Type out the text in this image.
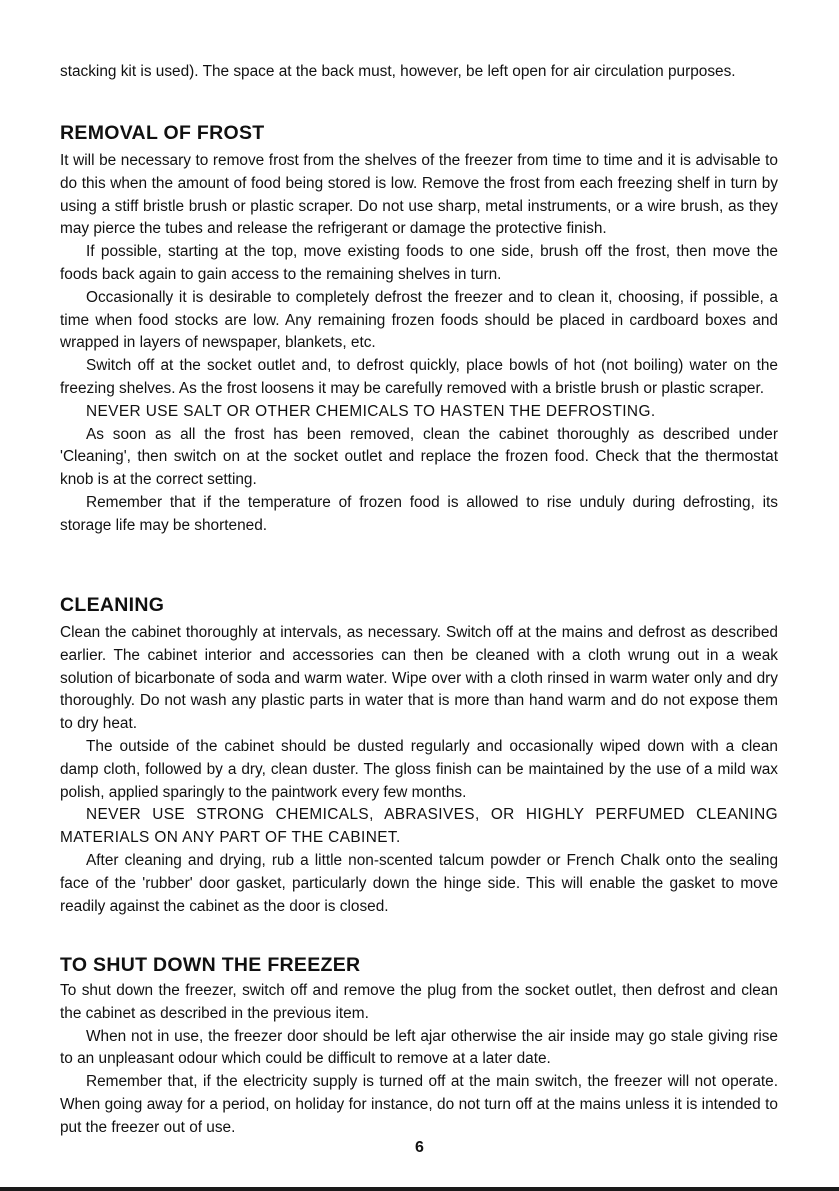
stacking kit is used). The space at the back must, however, be left open for air circulation purposes.

REMOVAL OF FROST

It will be necessary to remove frost from the shelves of the freezer from time to time and it is advisable to do this when the amount of food being stored is low. Remove the frost from each freezing shelf in turn by using a stiff bristle brush or plastic scraper. Do not use sharp, metal instruments, or a wire brush, as they may pierce the tubes and release the refrigerant or damage the protective finish.

If possible, starting at the top, move existing foods to one side, brush off the frost, then move the foods back again to gain access to the remaining shelves in turn.

Occasionally it is desirable to completely defrost the freezer and to clean it, choosing, if possible, a time when food stocks are low. Any remaining frozen foods should be placed in cardboard boxes and wrapped in layers of newspaper, blankets, etc.

Switch off at the socket outlet and, to defrost quickly, place bowls of hot (not boiling) water on the freezing shelves. As the frost loosens it may be carefully removed with a bristle brush or plastic scraper.

NEVER USE SALT OR OTHER CHEMICALS TO HASTEN THE DEFROSTING.

As soon as all the frost has been removed, clean the cabinet thoroughly as described under 'Cleaning', then switch on at the socket outlet and replace the frozen food. Check that the thermostat knob is at the correct setting.

Remember that if the temperature of frozen food is allowed to rise unduly during defrosting, its storage life may be shortened.

CLEANING

Clean the cabinet thoroughly at intervals, as necessary. Switch off at the mains and defrost as described earlier. The cabinet interior and accessories can then be cleaned with a cloth wrung out in a weak solution of bicarbonate of soda and warm water. Wipe over with a cloth rinsed in warm water only and dry thoroughly. Do not wash any plastic parts in water that is more than hand warm and do not expose them to dry heat.

The outside of the cabinet should be dusted regularly and occasionally wiped down with a clean damp cloth, followed by a dry, clean duster. The gloss finish can be maintained by the use of a mild wax polish, applied sparingly to the paintwork every few months.

NEVER USE STRONG CHEMICALS, ABRASIVES, OR HIGHLY PERFUMED CLEANING MATERIALS ON ANY PART OF THE CABINET.

After cleaning and drying, rub a little non-scented talcum powder or French Chalk onto the sealing face of the 'rubber' door gasket, particularly down the hinge side. This will enable the gasket to move readily against the cabinet as the door is closed.

TO SHUT DOWN THE FREEZER

To shut down the freezer, switch off and remove the plug from the socket outlet, then defrost and clean the cabinet as described in the previous item.

When not in use, the freezer door should be left ajar otherwise the air inside may go stale giving rise to an unpleasant odour which could be difficult to remove at a later date.

Remember that, if the electricity supply is turned off at the main switch, the freezer will not operate. When going away for a period, on holiday for instance, do not turn off at the mains unless it is intended to put the freezer out of use.

6
